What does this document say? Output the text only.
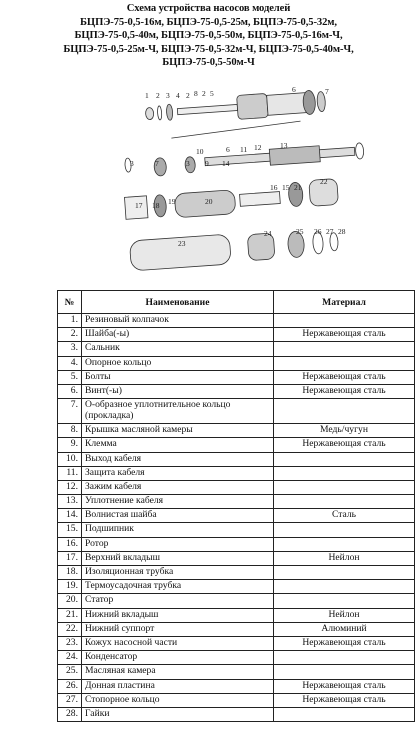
Схема устройства насосов моделей
БЦПЭ-75-0,5-16м, БЦПЭ-75-0,5-25м, БЦПЭ-75-0,5-32м,
БЦПЭ-75-0,5-40м, БЦПЭ-75-0,5-50м, БЦПЭ-75-0,5-16м-Ч,
БЦПЭ-75-0,5-25м-Ч, БЦПЭ-75-0,5-32м-Ч, БЦПЭ-75-0,5-40м-Ч,
БЦПЭ-75-0,5-50м-Ч
1 2 3 4 2 8 2 5	6	7
10	6 11 12 13
3	7	3 9 14
16 15 21
17 18 19	20
22
23
24	25 26 27 28
№	Наименование	Материал
1.	Резиновый колпачок	
2.	Шайба(-ы)	Нержавеющая сталь
3.	Сальник	
4.	Опорное кольцо	
5.	Болты	Нержавеющая сталь
6.	Винт(-ы)	Нержавеющая сталь
7.	О-образное уплотнительное кольцо (прокладка)	
8.	Крышка масляной камеры	Медь/чугун
9.	Клемма	Нержавеющая сталь
10.	Выход кабеля	
11.	Защита кабеля	
12.	Зажим кабеля	
13.	Уплотнение кабеля	
14.	Волнистая шайба	Сталь
15.	Подшипник	
16.	Ротор	
17.	Верхний вкладыш	Нейлон
18.	Изоляционная трубка	
19.	Термоусадочная трубка	
20.	Статор	
21.	Нижний вкладыш	Нейлон
22.	Нижний суппорт	Алюминий
23.	Кожух насосной части	Нержавеющая сталь
24.	Конденсатор	
25.	Масляная камера	
26.	Донная пластина	Нержавеющая сталь
27.	Стопорное кольцо	Нержавеющая сталь
28.	Гайки	
